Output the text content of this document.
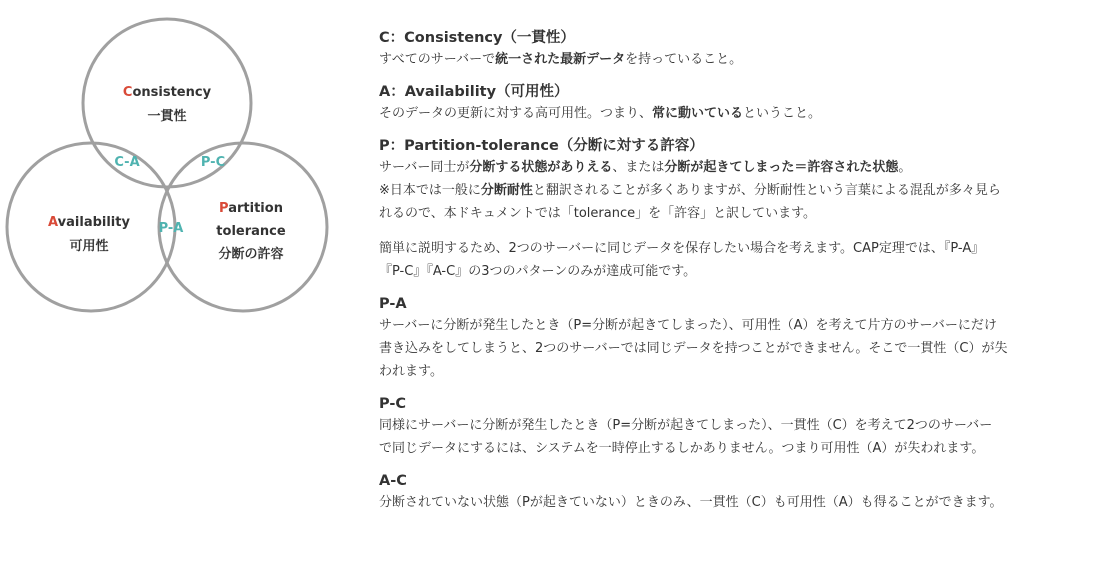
Consistency
一貫性
Availability
可用性
Partition
tolerance
分断の許容
C-A	P-C
P-A
C：Consistency（一貫性）

すべてのサーバーで統一された最新データを持っていること。

A：Availability（可用性）

そのデータの更新に対する高可用性。つまり、常に動いているということ。

P：Partition-tolerance（分断に対する許容）

サーバー同士が分断する状態がありえる、または分断が起きてしまった＝許容された状態。

※日本では一般に分断耐性と翻訳されることが多くありますが、分断耐性という言葉による混乱が多々見ら
れるので、本ドキュメントでは「tolerance」を「許容」と訳しています。

簡単に説明するため、2つのサーバーに同じデータを保存したい場合を考えます。CAP定理では、『P-A』
『P-C』『A-C』の3つのパターンのみが達成可能です。

P-A

サーバーに分断が発生したとき（P=分断が起きてしまった）、可用性（A）を考えて片方のサーバーにだけ
書き込みをしてしまうと、2つのサーバーでは同じデータを持つことができません。そこで一貫性（C）が失
われます。

P-C

同様にサーバーに分断が発生したとき（P=分断が起きてしまった）、一貫性（C）を考えて2つのサーバー
で同じデータにするには、システムを一時停止するしかありません。つまり可用性（A）が失われます。

A-C

分断されていない状態（Pが起きていない）ときのみ、一貫性（C）も可用性（A）も得ることができます。
